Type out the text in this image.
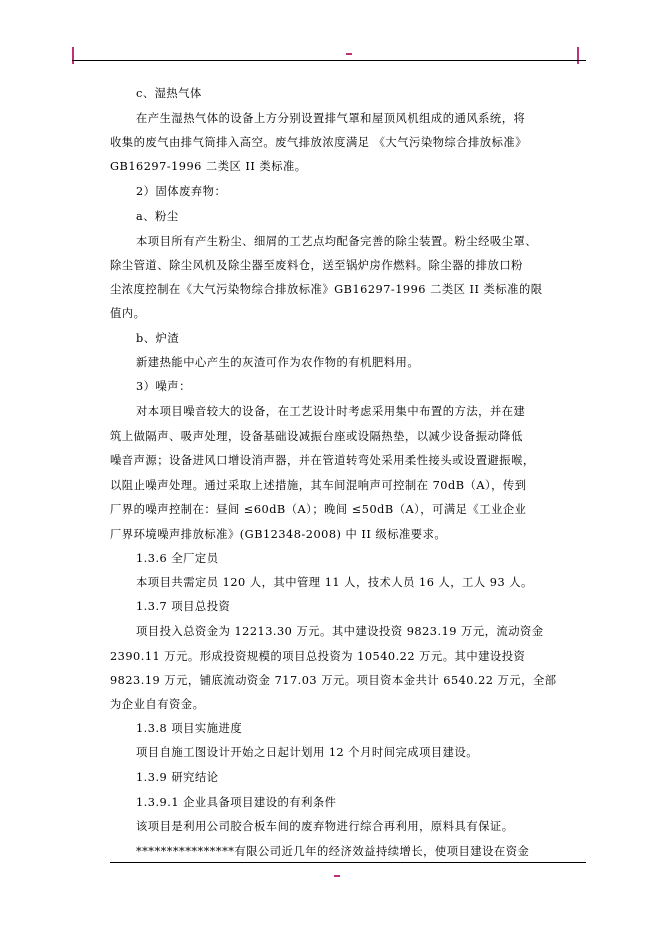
c、湿热气体
在产生湿热气体的设备上方分别设置排气罩和屋顶风机组成的通风系统，将
收集的废气由排气筒排入高空。废气排放浓度满足 《大气污染物综合排放标准》
GB16297-1996 二类区 II 类标准。
2）固体废弃物：
a、粉尘
本项目所有产生粉尘、细屑的工艺点均配备完善的除尘装置。粉尘经吸尘罩、
除尘管道、除尘风机及除尘器至废料仓，送至锅炉房作燃料。除尘器的排放口粉
尘浓度控制在《大气污染物综合排放标准》GB16297-1996 二类区 II 类标准的限
值内。
b、炉渣
新建热能中心产生的灰渣可作为农作物的有机肥料用。
3）噪声：
对本项目噪音较大的设备，在工艺设计时考虑采用集中布置的方法，并在建
筑上做隔声、吸声处理，设备基础设减振台座或设隔热垫，以减少设备振动降低
噪音声源；设备进风口增设消声器，并在管道转弯处采用柔性接头或设置避振喉，
以阻止噪声处理。通过采取上述措施，其车间混响声可控制在 70dB（A），传到
厂界的噪声控制在：昼间 ≤60dB（A）；晚间 ≤50dB（A），可满足《工业企业
厂界环境噪声排放标准》(GB12348-2008) 中 II 级标准要求。
1.3.6 全厂定员
本项目共需定员 120 人，其中管理 11 人，技术人员 16 人，工人 93 人。
1.3.7 项目总投资
项目投入总资金为 12213.30 万元。其中建设投资 9823.19 万元，流动资金
2390.11 万元。形成投资规模的项目总投资为 10540.22 万元。其中建设投资
9823.19 万元，铺底流动资金 717.03 万元。项目资本金共计 6540.22 万元，全部
为企业自有资金。
1.3.8 项目实施进度
项目自施工图设计开始之日起计划用 12 个月时间完成项目建设。
1.3.9 研究结论
1.3.9.1 企业具备项目建设的有利条件
该项目是利用公司胶合板车间的废弃物进行综合再利用，原料具有保证。
****************有限公司近几年的经济效益持续增长，使项目建设在资金
